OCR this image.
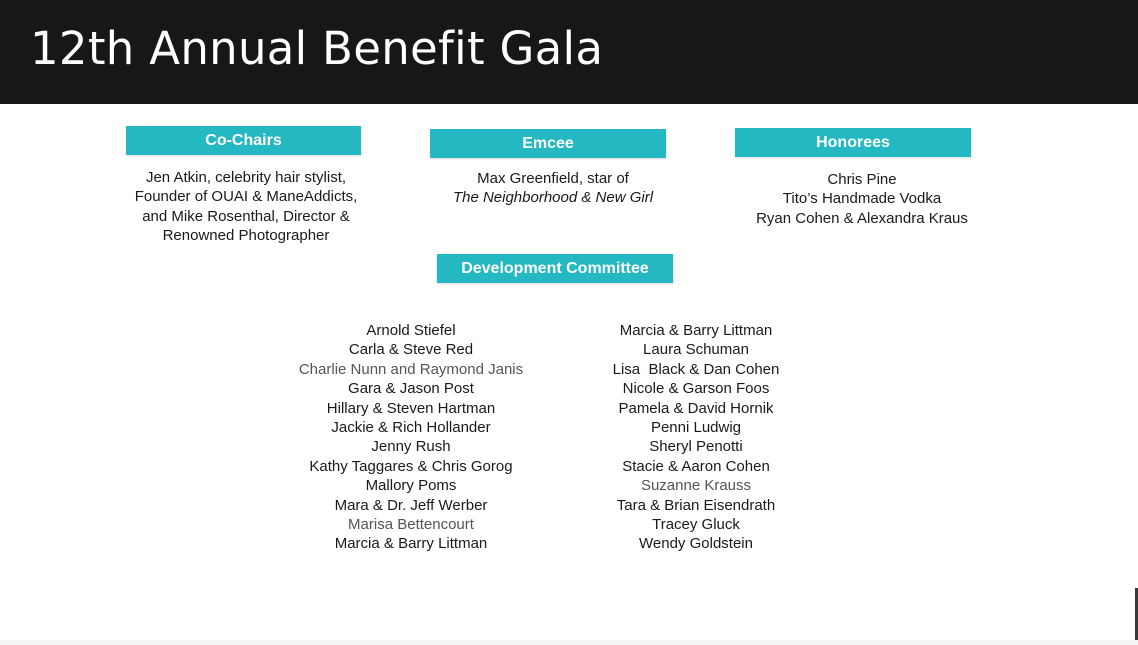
12th Annual Benefit Gala
Co-Chairs
Jen Atkin, celebrity hair stylist,
Founder of OUAI & ManeAddicts,
and Mike Rosenthal, Director &
Renowned Photographer
Emcee
Max Greenfield, star of
The Neighborhood & New Girl
Honorees
Chris Pine
Tito’s Handmade Vodka
Ryan Cohen & Alexandra Kraus
Development Committee
Arnold Stiefel
Carla & Steve Red
Charlie Nunn and Raymond Janis
Gara & Jason Post
Hillary & Steven Hartman
Jackie & Rich Hollander
Jenny Rush
Kathy Taggares & Chris Gorog
Mallory Poms
Mara & Dr. Jeff Werber
Marisa Bettencourt
Marcia & Barry Littman
Marcia & Barry Littman
Laura Schuman
Lisa  Black & Dan Cohen
Nicole & Garson Foos
Pamela & David Hornik
Penni Ludwig
Sheryl Penotti
Stacie & Aaron Cohen
Suzanne Krauss
Tara & Brian Eisendrath
Tracey Gluck
Wendy Goldstein
